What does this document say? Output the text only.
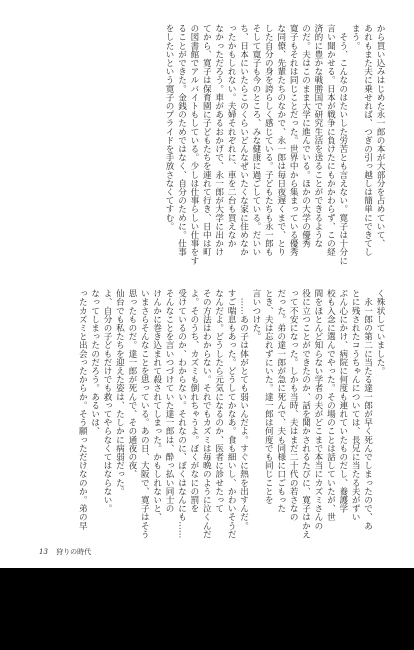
から買い込みはじめた永一郎の本が大部分を占めていて、

あれもまた夫に乗せれば、つぎの引っ越しは簡単にできてし

まう。

　そう、こんなのはたいした労苦とも言えない。寛子は十分に

言い聞かせる。日本が戦争に負けたにもかかわらず、この経

済的に豊かな戦勝国で研究生活を送ることができるような

のだ。夫はこのまま大学に進んでいる。ほかの大学の優秀

寛子もそれは同じことだった。世界中から集まっている優秀

な同僚、先輩たちのなかで、永一郎は毎日夜遅くまで、とり

した自分の身を誇らしく感じている。子どもたちも永一郎も

そして寛子も今のところ、みな健康に過ごしている。だいい

ち、日本にいたらこのくらいどんなぜいたくな家に住めなか

ったかもしれない。夫婦それぞれに、車を二台も買えなか

なかっただろう。車があるおかげで、永一郎が大学に出かけ

てから、寛子は保育園に子どもたちを連れて行き、日中は町

の図書館でアルバイトもしている。少しは仕事らしい仕事をす

ることができた。金銭のためではなく、自分のために。仕事

をしたいという寛子のプライドを手放さなくてすむ。

く殊状していました。

　永一郎の第二に当たる達一郎が早く死んでしまったので、あ

とに残されたコうちゃんについては、長兄に当たる夫がずい

ぶん心にかけ、病院に何度も連れていたものだし、養護学

校も入念に選んでやった。その場のことは話していたが、世

間をほとんど知らない学者の夫がどこまで本当にカズミさんの

役に立つことができたのか、話を聞かされるたびに、寛子はかえ

って不安になった。しかも当時、夫はまだ二十代の若さなの

だった。弟の達一郎が急に死んで、夫も同様に口ごもった

とき、夫は忘れずにいた。達一郎は何度でも同じことを

言いつけた。

　……あの子は体がとても弱いんだよ。すぐに熱を出すんだ。

すご喘息もあった。どうしてかなあ。食も細いし、かわいそうだ

なんだよ。どうしたら元気になるのか、医者に診せたって

その方法はわからない。それでもカズミは毎晩のように泣くんだ

よ。そのうち、カズミも倒れちゃうよ。ぼくがなにの罰を

受けているのか、わからない。それなのに、ぼくはなんにも……

そんなことを言いつづけていた達一郎は、酔っ払い同士の

けんかに巻き込まれて殺されてしまった。かもしれないと、

いまさらそんなことを思っている。あの日、大阪で、寛子はそう

思ったものだ。達一郎が死んで、その通夜の夜、

仙台でも私たちを迎えた姿は、たしかに病弱だった。

よ、自分の子どもだけでも救ってやらなくてはならない。

なってしまったのだろう。あるいは、

ったカズミと出会ったからか。そう願っただけなのか。弟の早

13 狩りの時代
